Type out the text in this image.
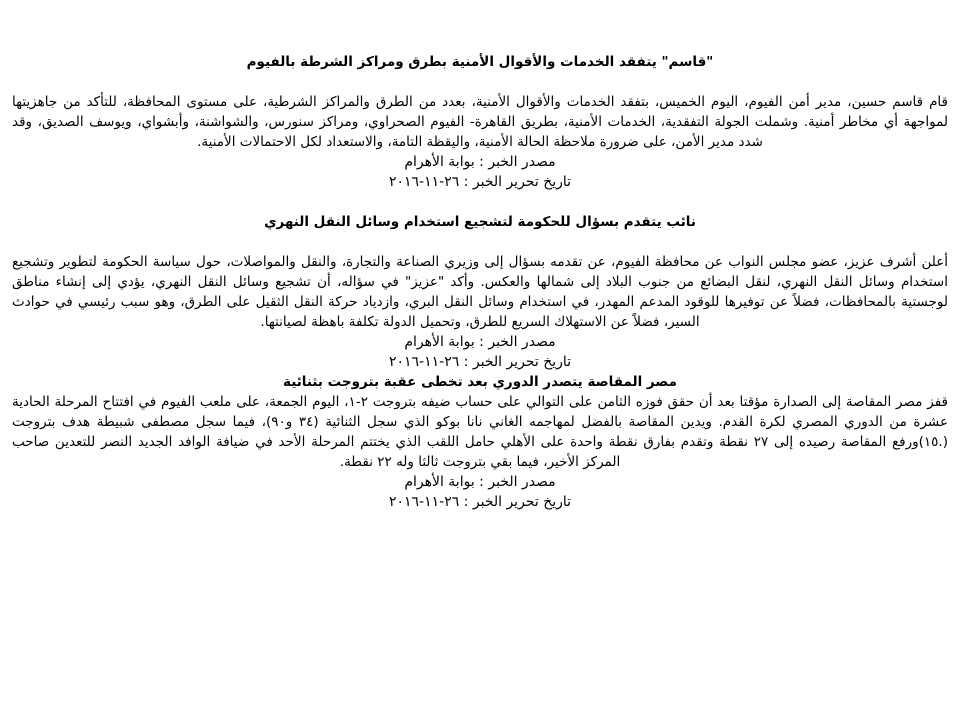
"قاسم" يتفقد الخدمات والأقوال الأمنية بطرق ومراكز الشرطة بالفيوم

قام قاسم حسين، مدير أمن الفيوم، اليوم الخميس، بتفقد الخدمات والأقوال الأمنية، بعدد من الطرق والمراكز الشرطية، على مستوى المحافظة، للتأكد من جاهزيتها لمواجهة أي مخاطر أمنية. وشملت الجولة التفقدية، الخدمات الأمنية، بطريق القاهرة- الفيوم الصحراوي، ومراكز سنورس، والشواشنة، وأبشواي، ويوسف الصديق، وقد شدد مدير الأمن، على ضرورة ملاحظة الحالة الأمنية، واليقظة التامة، والاستعداد لكل الاحتمالات الأمنية.

مصدر الخبر : بوابة الأهرام

تاريخ تحرير الخبر : ٢٦-١١-٢٠١٦

نائب يتقدم بسؤال للحكومة لتشجيع استخدام وسائل النقل النهري

أعلن أشرف عزيز، عضو مجلس النواب عن محافظة الفيوم، عن تقدمه بسؤال إلى وزيري الصناعة والتجارة، والنقل والمواصلات، حول سياسة الحكومة لتطوير وتشجيع استخدام وسائل النقل النهري، لنقل البضائع من جنوب البلاد إلى شمالها والعكس. وأكد "عزيز" في سؤاله، أن تشجيع وسائل النقل النهري، يؤدي إلى إنشاء مناطق لوجستية بالمحافظات، فضلاً عن توفيرها للوقود المدعم المهدر، في استخدام وسائل النقل البري، وازدياد حركة النقل الثقيل على الطرق، وهو سبب رئيسي في حوادث السير، فضلاًَ عن الاستهلاك السريع للطرق، وتحميل الدولة تكلفة باهظة لصيانتها.

مصدر الخبر : بوابة الأهرام

تاريخ تحرير الخبر : ٢٦-١١-٢٠١٦

مصر المقاصة يتصدر الدوري بعد تخطى عقبة بتروجت بثنائية

قفز مصر المقاصة إلى الصدارة مؤقتا بعد أن حقق فوزه الثامن على التوالي على حساب ضيفه بتروجت ٢-١، اليوم الجمعة، على ملعب الفيوم في افتتاح المرحلة الحادية عشرة من الدوري المصري لكرة القدم. ويدين المقاصة بالفضل لمهاجمه الغاني نانا بوكو الذي سجل الثنائية (٣٤ و٩٠)، فيما سجل مصطفى شبيطة هدف بتروجت (.١٥)ورفع المقاصة رصيده إلى ٢٧ نقطة وتقدم بفارق نقطة واحدة على الأهلي حامل اللقب الذي يختتم المرحلة الأحد في ضيافة الوافد الجديد النصر للتعدين صاحب المركز الأخير، فيما بقي بتروجت ثالثا وله ٢٢ نقطة.

مصدر الخبر : بوابة الأهرام

تاريخ تحرير الخبر : ٢٦-١١-٢٠١٦
